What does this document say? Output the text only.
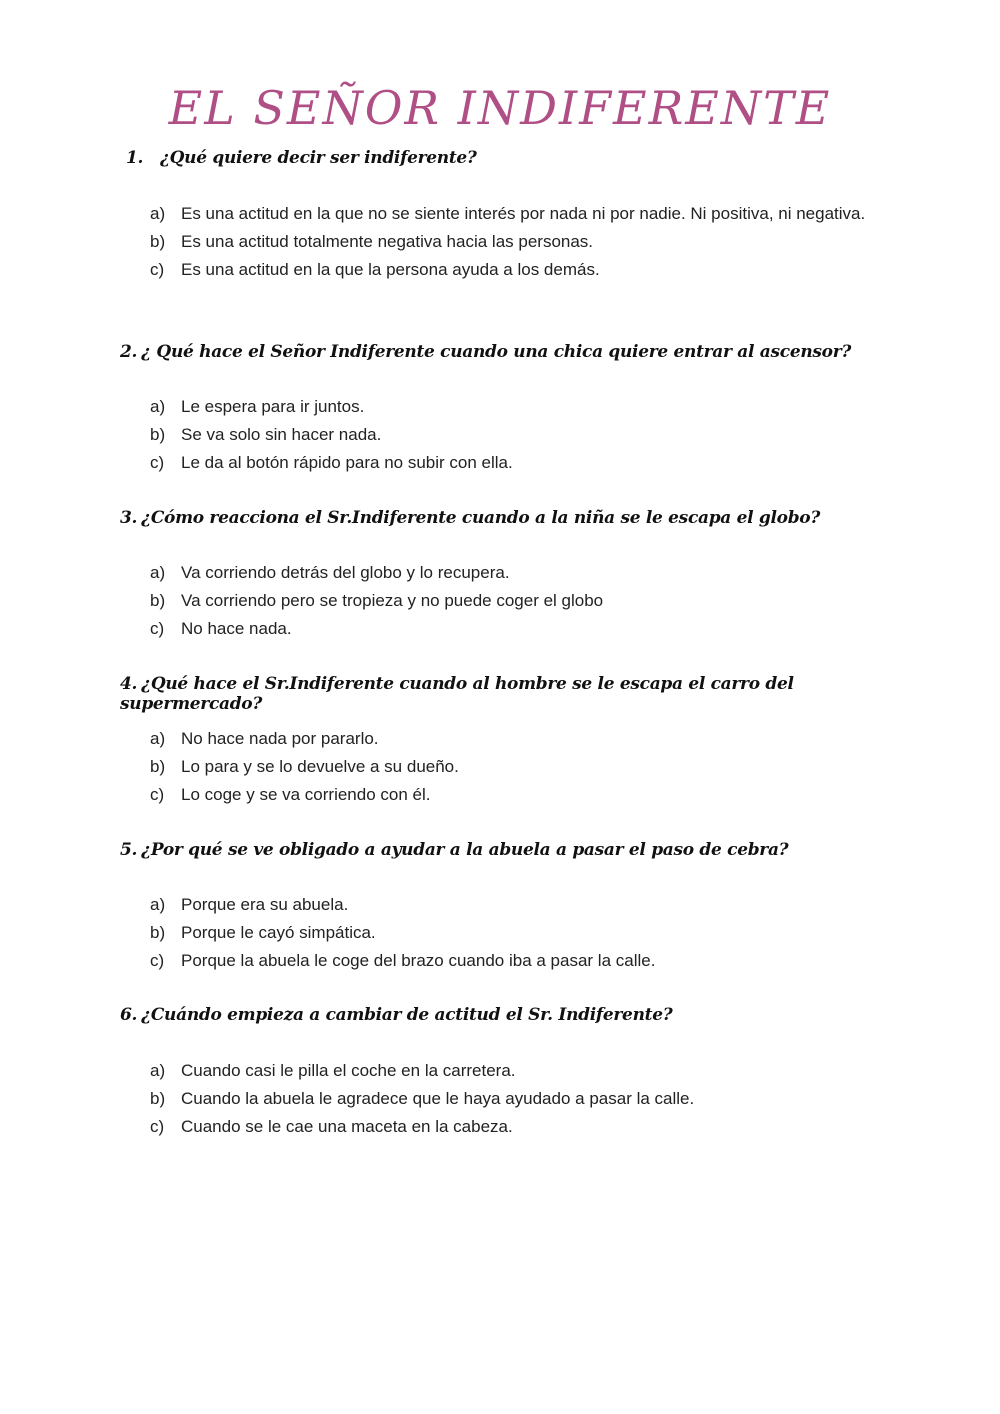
EL SEÑOR INDIFERENTE
1. ¿Qué quiere decir ser indiferente?
a) Es una actitud en la que no se siente interés por nada ni por nadie. Ni positiva, ni negativa.
b) Es una actitud totalmente negativa hacia las personas.
c) Es una actitud en la que la persona ayuda a los demás.
2. ¿ Qué hace el Señor Indiferente cuando una chica quiere entrar al ascensor?
a) Le espera para ir juntos.
b) Se va solo sin hacer nada.
c) Le da al botón rápido para no subir con ella.
3. ¿Cómo reacciona el Sr.Indiferente cuando a la niña se le escapa el globo?
a) Va corriendo detrás del globo y lo recupera.
b) Va corriendo pero se tropieza y no puede coger el globo
c) No hace nada.
4. ¿Qué hace el Sr.Indiferente cuando al hombre se le escapa el carro del supermercado?
a) No hace nada por pararlo.
b) Lo para y se lo devuelve a su dueño.
c) Lo coge y se va corriendo con él.
5. ¿Por qué se ve obligado a ayudar a la abuela a pasar el paso de cebra?
a) Porque era su abuela.
b) Porque le cayó simpática.
c) Porque la abuela le coge del brazo cuando iba a pasar la calle.
6. ¿Cuándo empieza a cambiar de actitud el Sr. Indiferente?
a) Cuando casi le pilla el coche en la carretera.
b) Cuando la abuela le agradece que le haya ayudado a pasar la calle.
c) Cuando se le cae una maceta en la cabeza.
